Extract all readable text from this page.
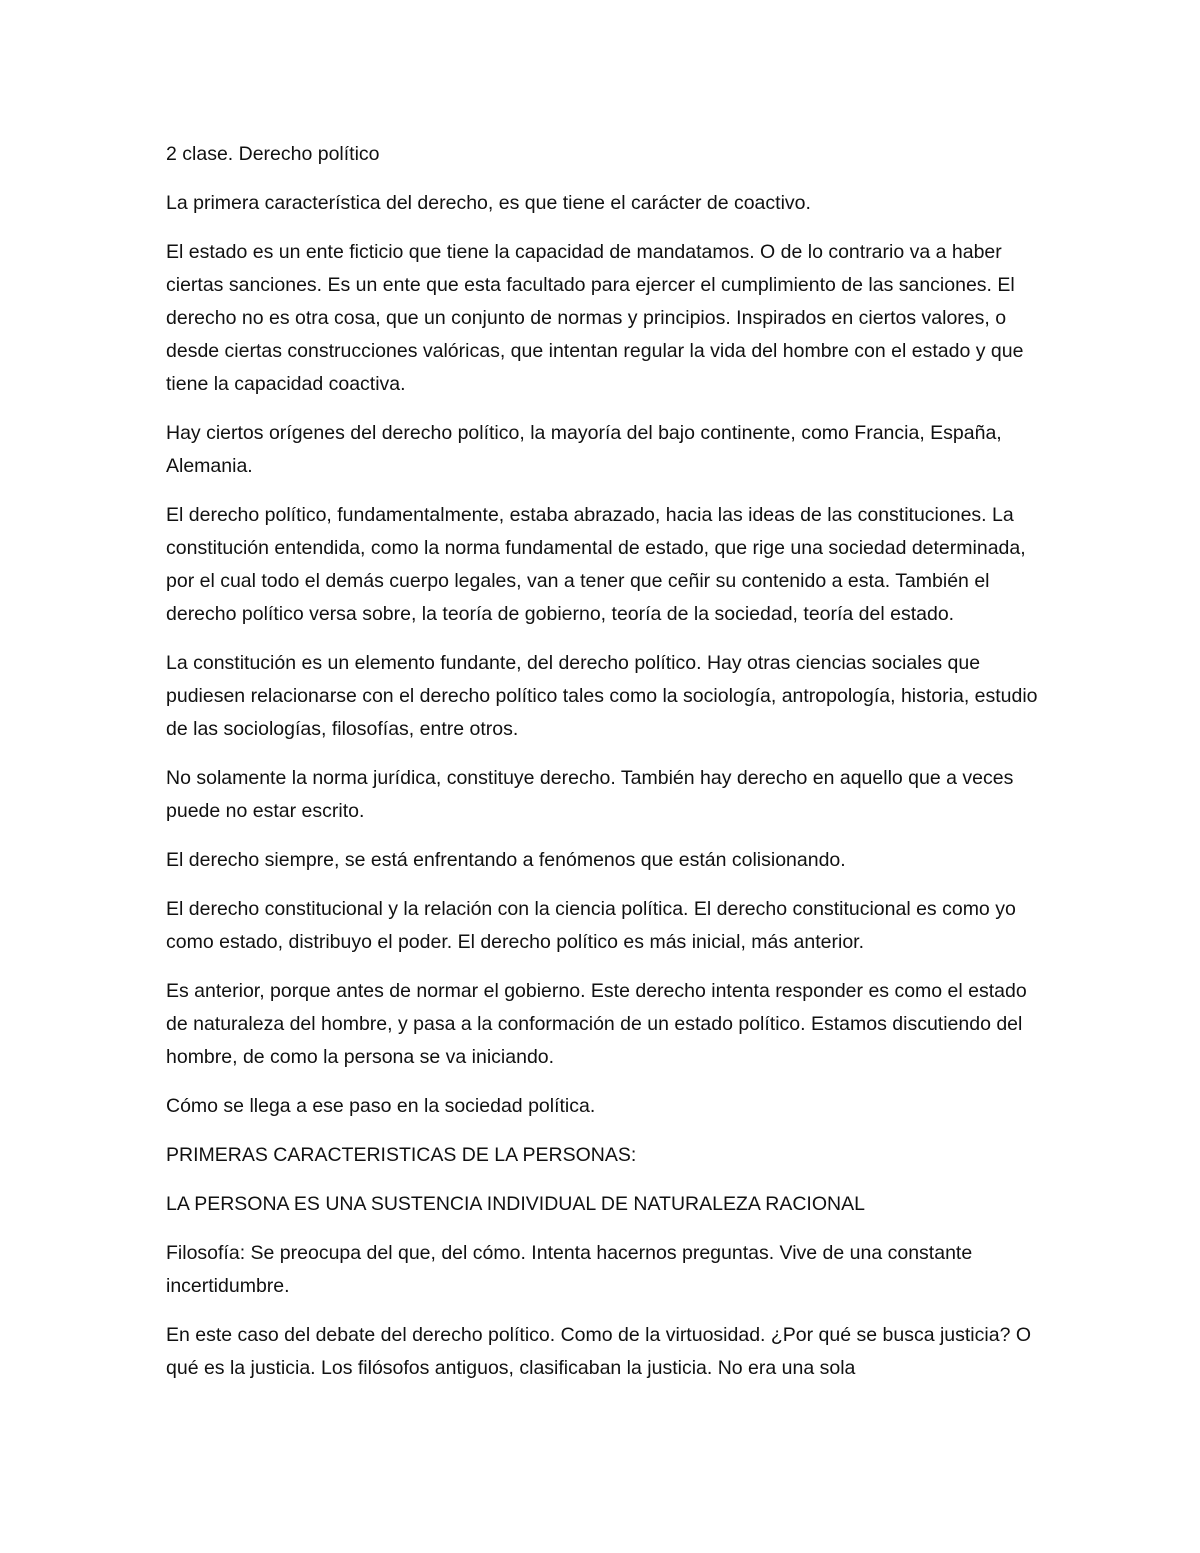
2 clase. Derecho político

La primera característica del derecho, es que tiene el carácter de coactivo.

El estado es un ente ficticio que tiene la capacidad de mandatamos. O de lo contrario va a haber ciertas sanciones. Es un ente que esta facultado para ejercer el cumplimiento de las sanciones. El derecho no es otra cosa, que un conjunto de normas y principios. Inspirados en ciertos valores, o desde ciertas construcciones valóricas, que intentan regular la vida del hombre con el estado y que tiene la capacidad coactiva.

Hay ciertos orígenes del derecho político, la mayoría del bajo continente, como Francia, España, Alemania.

El derecho político, fundamentalmente, estaba abrazado, hacia las ideas de las constituciones. La constitución entendida, como la norma fundamental de estado, que rige una sociedad determinada, por el cual todo el demás cuerpo legales, van a tener que ceñir su contenido a esta. También el derecho político versa sobre, la teoría de gobierno, teoría de la sociedad, teoría del estado.

La constitución es un elemento fundante, del derecho político. Hay otras ciencias sociales que pudiesen relacionarse con el derecho político tales como la sociología, antropología, historia, estudio de las sociologías, filosofías, entre otros.

No solamente la norma jurídica, constituye derecho. También hay derecho en aquello que a veces puede no estar escrito.

El derecho siempre, se está enfrentando a fenómenos que están colisionando.

El derecho constitucional y la relación con la ciencia política. El derecho constitucional es como yo como estado, distribuyo el poder. El derecho político es más inicial, más anterior.

Es anterior, porque antes de normar el gobierno. Este derecho intenta responder es como el estado de naturaleza del hombre, y pasa a la conformación de un estado político. Estamos discutiendo del hombre, de como la persona se va iniciando.

Cómo se llega a ese paso en la sociedad política.

PRIMERAS CARACTERISTICAS DE LA PERSONAS:

LA PERSONA ES UNA SUSTENCIA INDIVIDUAL DE NATURALEZA RACIONAL

Filosofía: Se preocupa del que, del cómo. Intenta hacernos preguntas. Vive de una constante incertidumbre.

En este caso del debate del derecho político. Como de la virtuosidad. ¿Por qué se busca justicia? O qué es la justicia. Los filósofos antiguos, clasificaban la justicia. No era una sola
